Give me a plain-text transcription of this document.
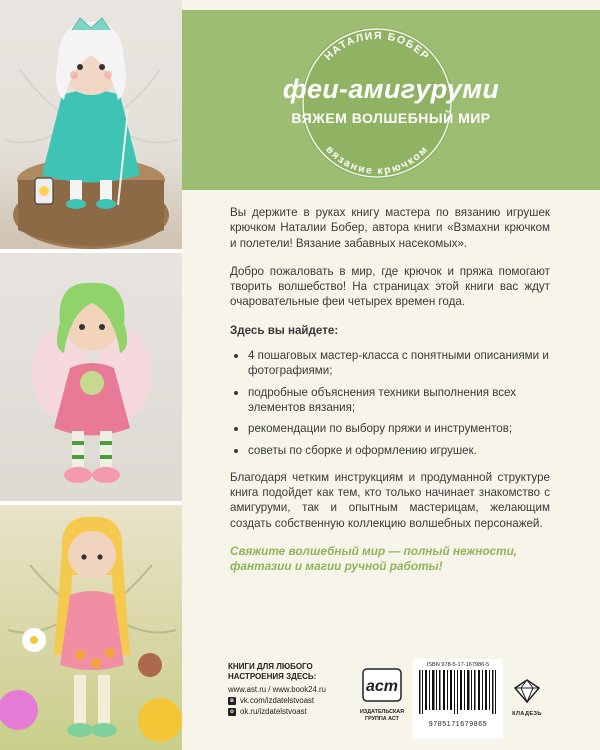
НАТАЛИЯ БОБЕР
вязание крючком
феи-амигуруми
ВЯЖЕМ ВОЛШЕБНЫЙ МИР

Вы держите в руках книгу мастера по вязанию игрушек крючком Наталии Бобер, автора книги «Взмахни крючком и полетели! Вязание забавных насекомых».

Добро пожаловать в мир, где крючок и пряжа помогают творить волшебство! На страницах этой книги вас ждут очаровательные феи четырех времен года.

Здесь вы найдете:

4 пошаговых мастер-класса с понятными описаниями и фотографиями;
подробные объяснения техники выполнения всех элементов вязания;
рекомендации по выбору пряжи и инструментов;
советы по сборке и оформлению игрушек.

Благодаря четким инструкциям и продуманной структуре книга подойдет как тем, кто только начинает знакомство с амигуруми, так и опытным мастерицам, желающим создать собственную коллекцию волшебных персонажей.

Свяжите волшебный мир — полный нежности, фантазии и магии ручной работы!

КНИГИ ДЛЯ ЛЮБОГО НАСТРОЕНИЯ ЗДЕСЬ:
www.ast.ru / www.book24.ru
в vk.com/izdatelstvoast
о ok.ru/izdatelstvoast
аст
ИЗДАТЕЛЬСКАЯ ГРУППА АСТ
ISBN 978-5-17-167986-5
9785171679865
КЛАДЕЗЬ
